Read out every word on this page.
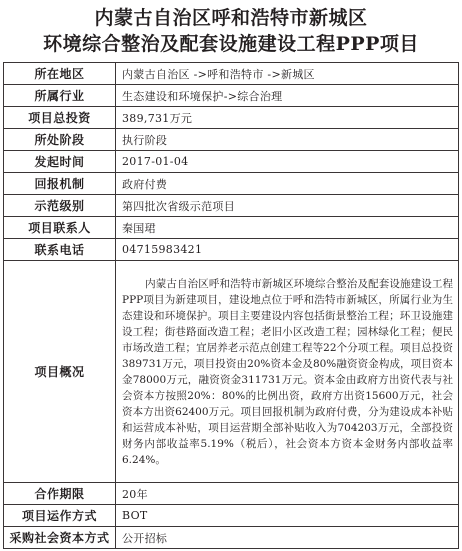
内蒙古自治区呼和浩特市新城区
环境综合整治及配套设施建设工程PPP项目
所在地区	内蒙古自治区 ->呼和浩特市 ->新城区
所属行业	生态建设和环境保护->综合治理
项目总投资	389,731万元
所处阶段	执行阶段
发起时间	2017-01-04
回报机制	政府付费
示范级别	第四批次省级示范项目
项目联系人	秦国珺
联系电话	04715983421
项目概况	内蒙古自治区呼和浩特市新城区环境综合整治及配套设施建设工程PPP项目为新建项目，建设地点位于呼和浩特市新城区，所属行业为生态建设和环境保护。项目主要建设内容包括街景整治工程；环卫设施建设工程；街巷路面改造工程；老旧小区改造工程；园林绿化工程；便民市场改造工程；宜居养老示范点创建工程等22个分项工程。项目总投资389731万元，项目投资由20%资本金及80%融资资金构成，项目资本金78000万元，融资资金311731万元。资本金由政府方出资代表与社会资本方按照20%：80%的比例出资，政府方出资15600万元，社会资本方出资62400万元。项目回报机制为政府付费，分为建设成本补贴和运营成本补贴，项目运营期全部补贴收入为704203万元，全部投资财务内部收益率5.19%（税后），社会资本方资本金财务内部收益率6.24%。

合作期限	20年
项目运作方式	BOT
采购社会资本方式	公开招标
